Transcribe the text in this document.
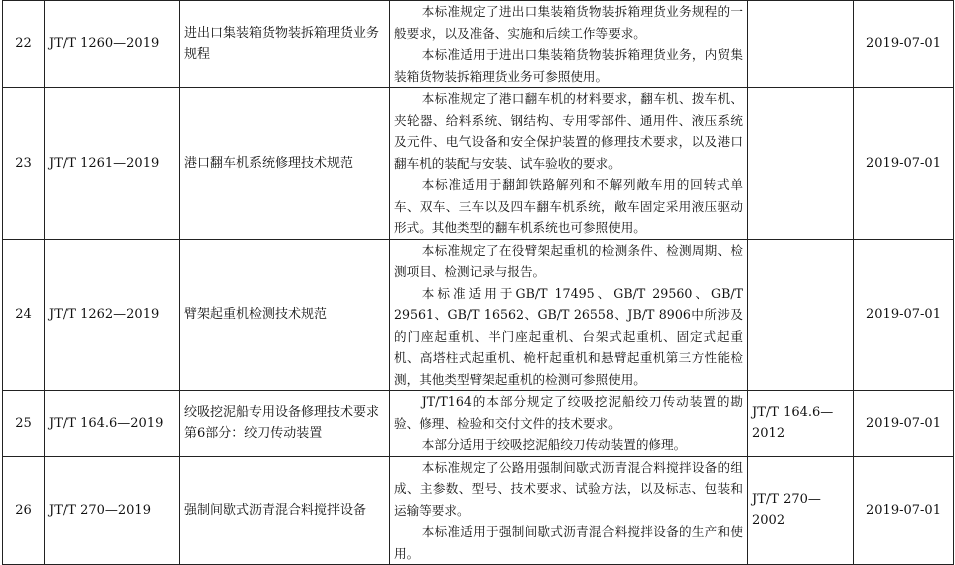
22	JT/T 1260—2019	进出口集装箱货物装拆箱理货业务规程	本标准规定了进出口集装箱货物装拆箱理货业务规程的一般要求，以及准备、实施和后续工作等要求。

本标准适用于进出口集装箱货物装拆箱理货业务，内贸集装箱货物装拆箱理货业务可参照使用。		2019-07-01
23	JT/T 1261—2019	港口翻车机系统修理技术规范	本标准规定了港口翻车机的材料要求，翻车机、拨车机、夹轮器、给料系统、钢结构、专用零部件、通用件、液压系统及元件、电气设备和安全保护装置的修理技术要求，以及港口翻车机的装配与安装、试车验收的要求。

本标准适用于翻卸铁路解列和不解列敞车用的回转式单车、双车、三车以及四车翻车机系统，敞车固定采用液压驱动形式。其他类型的翻车机系统也可参照使用。		2019-07-01
24	JT/T 1262—2019	臂架起重机检测技术规范	本标准规定了在役臂架起重机的检测条件、检测周期、检测项目、检测记录与报告。

本标准适用于GB/T 17495、GB/T 29560、GB/T 29561、GB/T 16562、GB/T 26558、JB/T 8906中所涉及的门座起重机、半门座起重机、台架式起重机、固定式起重机、高塔柱式起重机、桅杆起重机和悬臂起重机第三方性能检测，其他类型臂架起重机的检测可参照使用。		2019-07-01
25	JT/T 164.6—2019	绞吸挖泥船专用设备修理技术要求 第6部分：绞刀传动装置	JT/T164的本部分规定了绞吸挖泥船绞刀传动装置的勘验、修理、检验和交付文件的技术要求。

本部分适用于绞吸挖泥船绞刀传动装置的修理。	JT/T 164.6—2012	2019-07-01
26	JT/T 270—2019	强制间歇式沥青混合料搅拌设备	本标准规定了公路用强制间歇式沥青混合料搅拌设备的组成、主参数、型号、技术要求、试验方法，以及标志、包装和运输等要求。

本标准适用于强制间歇式沥青混合料搅拌设备的生产和使用。	JT/T 270—2002	2019-07-01
